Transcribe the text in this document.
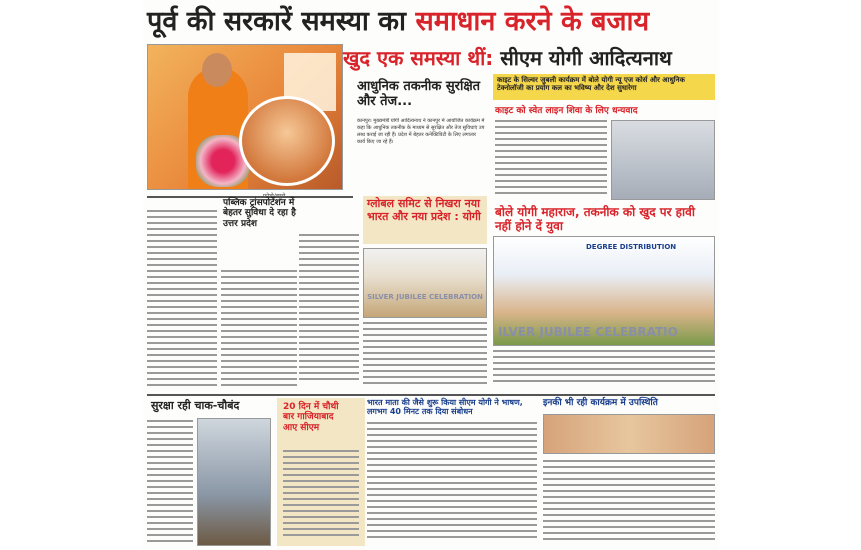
पूर्व की सरकारें समस्या का समाधान करने के बजाय
खुद एक समस्या थीं: सीएम योगी आदित्यनाथ
आधुनिक तकनीक सुरक्षित और तेज...
कानपुर। मुख्यमंत्री योगी आदित्यनाथ ने कानपुर में आयोजित कार्यक्रम में कहा कि आधुनिक तकनीक के माध्यम से सुरक्षित और तेज सुविधाएं उपलब्ध कराई जा रही हैं। प्रदेश में बेहतर कनेक्टिविटी के लिए लगातार कार्य किए जा रहे हैं।
काइट के सिल्वर जुबली कार्यक्रम में बोले योगी न्यू एज कोर्स और आधुनिक टेक्नोलॉजी का प्रयोग कल का भविष्य और देश सुधारेगा
काइट को स्वेत लाइन शिवा के लिए धन्यवाद
पब्लिक ट्रांसपोर्टेशन में बेहतर सुविधा दे रहा है उत्तर प्रदेश
ग्लोबल समिट से निखरा नया भारत और नया प्रदेश : योगी
SILVER JUBILEE CELEBRATION
बोले योगी महाराज, तकनीक को खुद पर हावी नहीं होने दें युवा
DEGREE DISTRIBUTION
ILVER JUBILEE CELEBRATIO
सुरक्षा रही चाक-चौबंद	20 दिन में चौथी बार गाजियाबाद आए सीएम
भारत माता की जैसे शुरू किया सीएम योगी ने भाषण, लगभग 40 मिनट तक दिया संबोधन
इनकी भी रही कार्यक्रम में उपस्थिति
